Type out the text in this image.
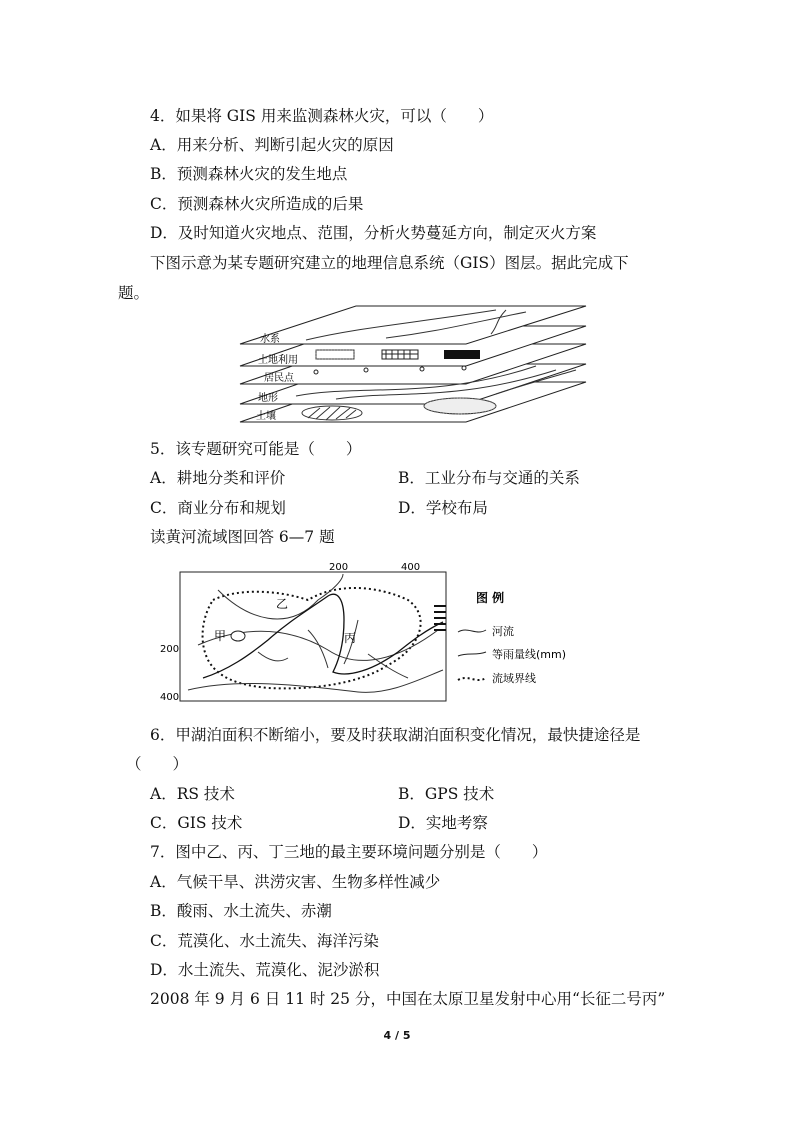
4．如果将 GIS 用来监测森林火灾，可以（　　）
A．用来分析、判断引起火灾的原因
B．预测森林火灾的发生地点
C．预测森林火灾所造成的后果
D．及时知道火灾地点、范围，分析火势蔓延方向，制定灭火方案
下图示意为某专题研究建立的地理信息系统（GIS）图层。据此完成下
题。
水系
土地利用
居民点
地形
土壤
5．该专题研究可能是（　　）
A．耕地分类和评价	B．工业分布与交通的关系
C．商业分布和规划	D．学校布局
读黄河流域图回答 6—7 题
200	400
200
400
甲
乙
丙
图 例
河流
等雨量线(mm)
流域界线
6．甲湖泊面积不断缩小，要及时获取湖泊面积变化情况，最快捷途径是
（　　）
A．RS 技术	B．GPS 技术
C．GIS 技术	D．实地考察
7．图中乙、丙、丁三地的最主要环境问题分别是（　　）
A．气候干旱、洪涝灾害、生物多样性减少
B．酸雨、水土流失、赤潮
C．荒漠化、水土流失、海洋污染
D．水土流失、荒漠化、泥沙淤积
2008 年 9 月 6 日 11 时 25 分，中国在太原卫星发射中心用“长征二号丙”
4 / 5
